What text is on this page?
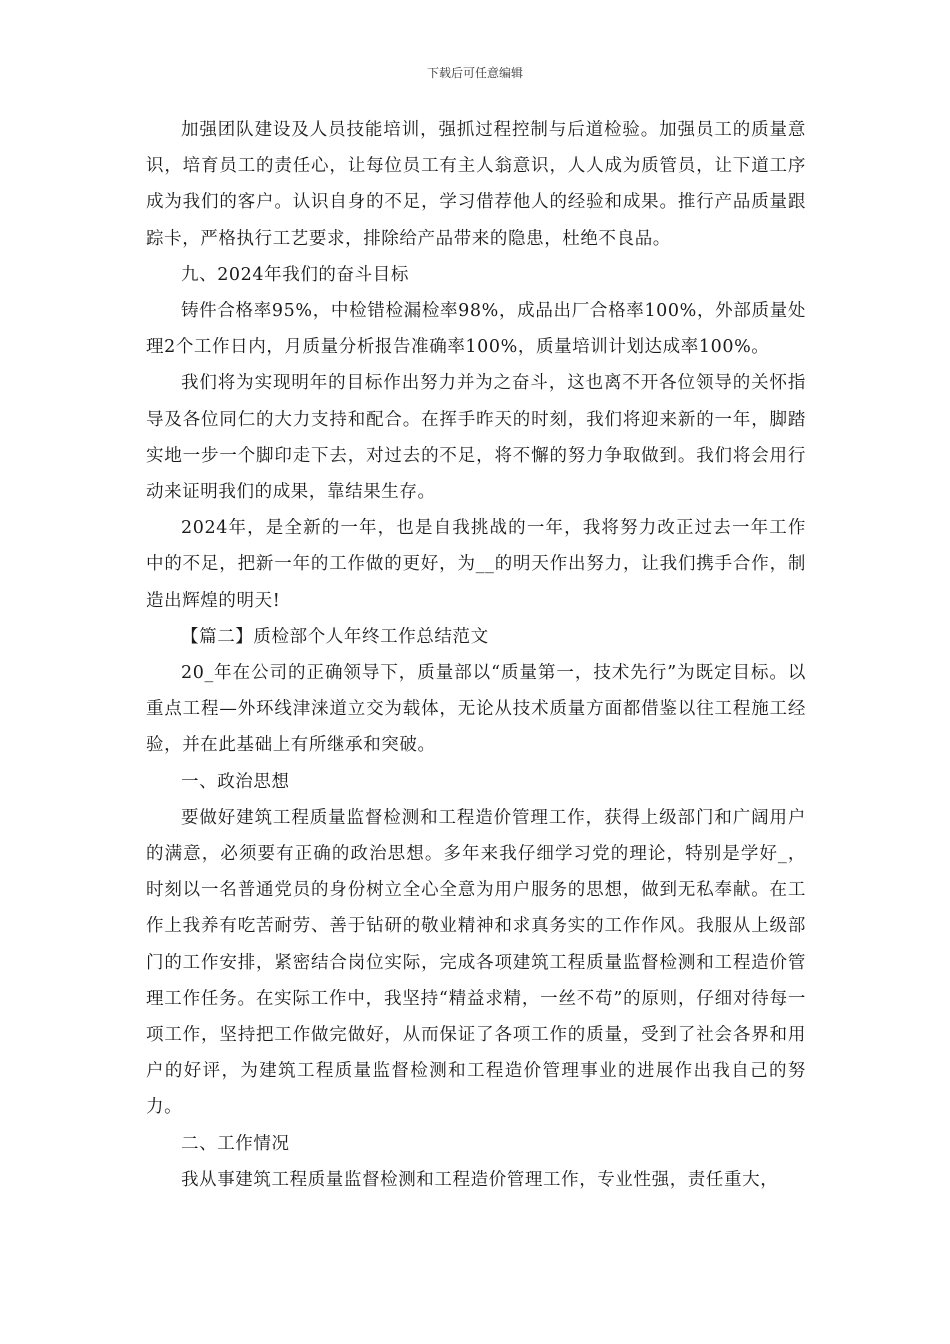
下载后可任意编辑

加强团队建设及人员技能培训，强抓过程控制与后道检验。加强员工的质量意识，培育员工的责任心，让每位员工有主人翁意识，人人成为质管员，让下道工序成为我们的客户。认识自身的不足，学习借荐他人的经验和成果。推行产品质量跟踪卡，严格执行工艺要求，排除给产品带来的隐患，杜绝不良品。

九、2024年我们的奋斗目标

铸件合格率95%，中检错检漏检率98%，成品出厂合格率100%，外部质量处理2个工作日内，月质量分析报告准确率100%，质量培训计划达成率100%。

我们将为实现明年的目标作出努力并为之奋斗，这也离不开各位领导的关怀指导及各位同仁的大力支持和配合。在挥手昨天的时刻，我们将迎来新的一年，脚踏实地一步一个脚印走下去，对过去的不足，将不懈的努力争取做到。我们将会用行动来证明我们的成果，靠结果生存。

2024年，是全新的一年，也是自我挑战的一年，我将努力改正过去一年工作中的不足，把新一年的工作做的更好，为__的明天作出努力，让我们携手合作，制造出辉煌的明天!

【篇二】质检部个人年终工作总结范文

20_年在公司的正确领导下，质量部以“质量第一，技术先行”为既定目标。以重点工程—外环线津涞道立交为载体，无论从技术质量方面都借鉴以往工程施工经验，并在此基础上有所继承和突破。

一、政治思想

要做好建筑工程质量监督检测和工程造价管理工作，获得上级部门和广阔用户的满意，必须要有正确的政治思想。多年来我仔细学习党的理论，特别是学好_，时刻以一名普通党员的身份树立全心全意为用户服务的思想，做到无私奉献。在工作上我养有吃苦耐劳、善于钻研的敬业精神和求真务实的工作作风。我服从上级部门的工作安排，紧密结合岗位实际，完成各项建筑工程质量监督检测和工程造价管理工作任务。在实际工作中，我坚持“精益求精，一丝不苟”的原则，仔细对待每一项工作，坚持把工作做完做好，从而保证了各项工作的质量，受到了社会各界和用户的好评，为建筑工程质量监督检测和工程造价管理事业的进展作出我自己的努力。

二、工作情况

我从事建筑工程质量监督检测和工程造价管理工作，专业性强，责任重大，
